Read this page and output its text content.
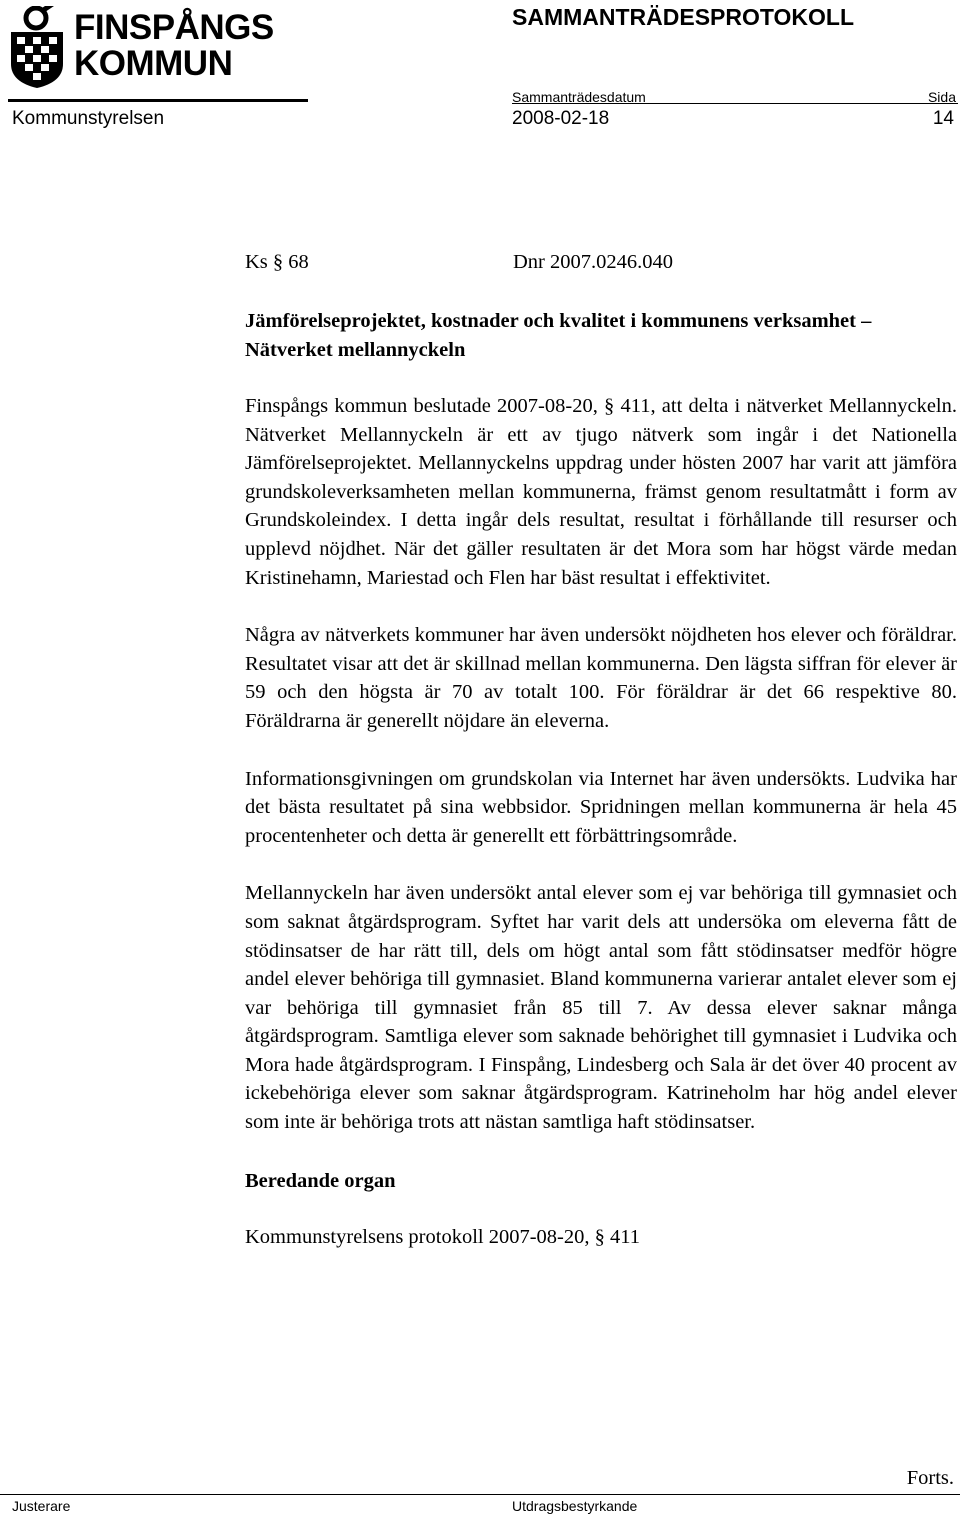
FINSPÅNGS
KOMMUN
SAMMANTRÄDESPROTOKOLL
Sammanträdesdatum	Sida
Kommunstyrelsen	2008-02-18	14
Ks § 68	Dnr 2007.0246.040
Jämförelseprojektet, kostnader och kvalitet i kommunens verksamhet – Nätverket mellannyckeln

Finspångs kommun beslutade 2007-08-20, § 411, att delta i nätverket Mellannyckeln. Nätverket Mellannyckeln är ett av tjugo nätverk som ingår i det Nationella Jämförelseprojektet. Mellannyckelns uppdrag under hösten 2007 har varit att jämföra grundskoleverksamheten mellan kommunerna, främst genom resultatmått i form av Grundskoleindex. I detta ingår dels resultat, resultat i förhållande till resurser och upplevd nöjdhet. När det gäller resultaten är det Mora som har högst värde medan Kristinehamn, Mariestad och Flen har bäst resultat i effektivitet.

Några av nätverkets kommuner har även undersökt nöjdheten hos elever och föräldrar. Resultatet visar att det är skillnad mellan kommunerna. Den lägsta siffran för elever är 59 och den högsta är 70 av totalt 100. För föräldrar är det 66 respektive 80. Föräldrarna är generellt nöjdare än eleverna.

Informationsgivningen om grundskolan via Internet har även undersökts. Ludvika har det bästa resultatet på sina webbsidor. Spridningen mellan kommunerna är hela 45 procentenheter och detta är generellt ett förbättringsområde.

Mellannyckeln har även undersökt antal elever som ej var behöriga till gymnasiet och som saknat åtgärdsprogram. Syftet har varit dels att undersöka om eleverna fått de stödinsatser de har rätt till, dels om högt antal som fått stödinsatser medför högre andel elever behöriga till gymnasiet. Bland kommunerna varierar antalet elever som ej var behöriga till gymnasiet från 85 till 7. Av dessa elever saknar många åtgärdsprogram. Samtliga elever som saknade behörighet till gymnasiet i Ludvika och Mora hade åtgärdsprogram. I Finspång, Lindesberg och Sala är det över 40 procent av ickebehöriga elever som saknar åtgärdsprogram. Katrineholm har hög andel elever som inte är behöriga trots att nästan samtliga haft stödinsatser.

Beredande organ
Kommunstyrelsens protokoll 2007-08-20, § 411
Forts.
Justerare	Utdragsbestyrkande
